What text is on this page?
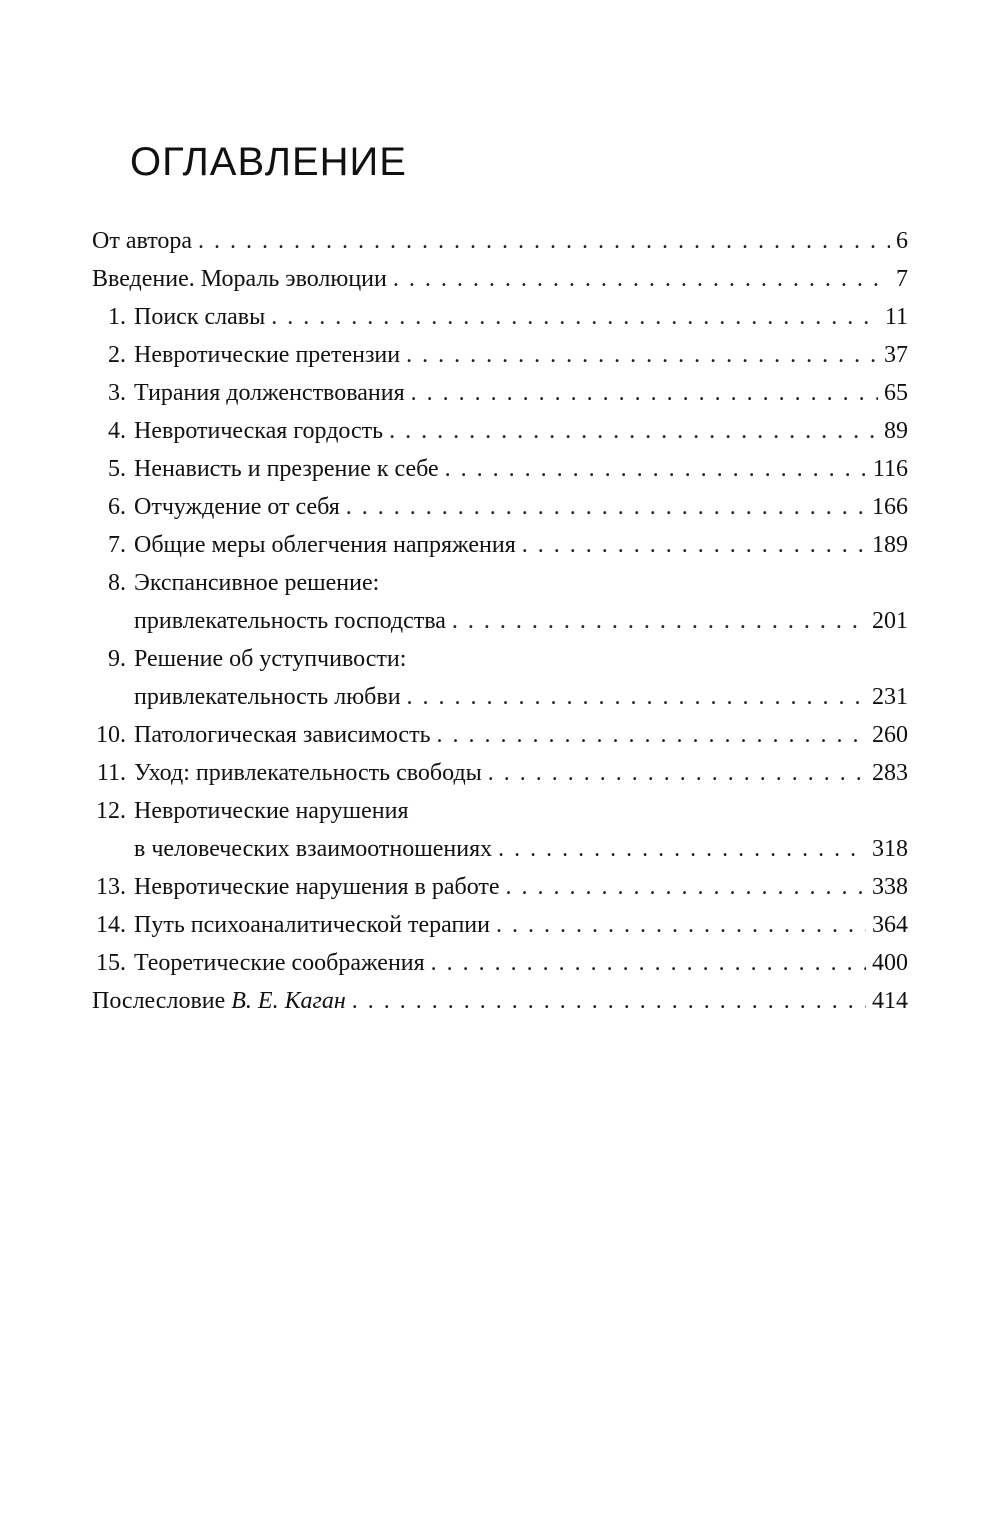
ОГЛАВЛЕНИЕ
От автора . . .	6
Введение. Мораль эволюции . . .	7
1. Поиск славы . . .	11
2. Невротические претензии . . .	37
3. Тирания долженствования . . .	65
4. Невротическая гордость . . .	89
5. Ненависть и презрение к себе . . .	116
6. Отчуждение от себя . . .	166
7. Общие меры облегчения напряжения . . .	189
8. Экспансивное решение:
привлекательность господства . . .	201
9. Решение об уступчивости:
привлекательность любви . . .	231
10. Патологическая зависимость . . .	260
11. Уход: привлекательность свободы . . .	283
12. Невротические нарушения
в человеческих взаимоотношениях . . .	318
13. Невротические нарушения в работе . . .	338
14. Путь психоаналитической терапии . . .	364
15. Теоретические соображения . . .	400
Послесловие В. Е. Каган . . .	414
